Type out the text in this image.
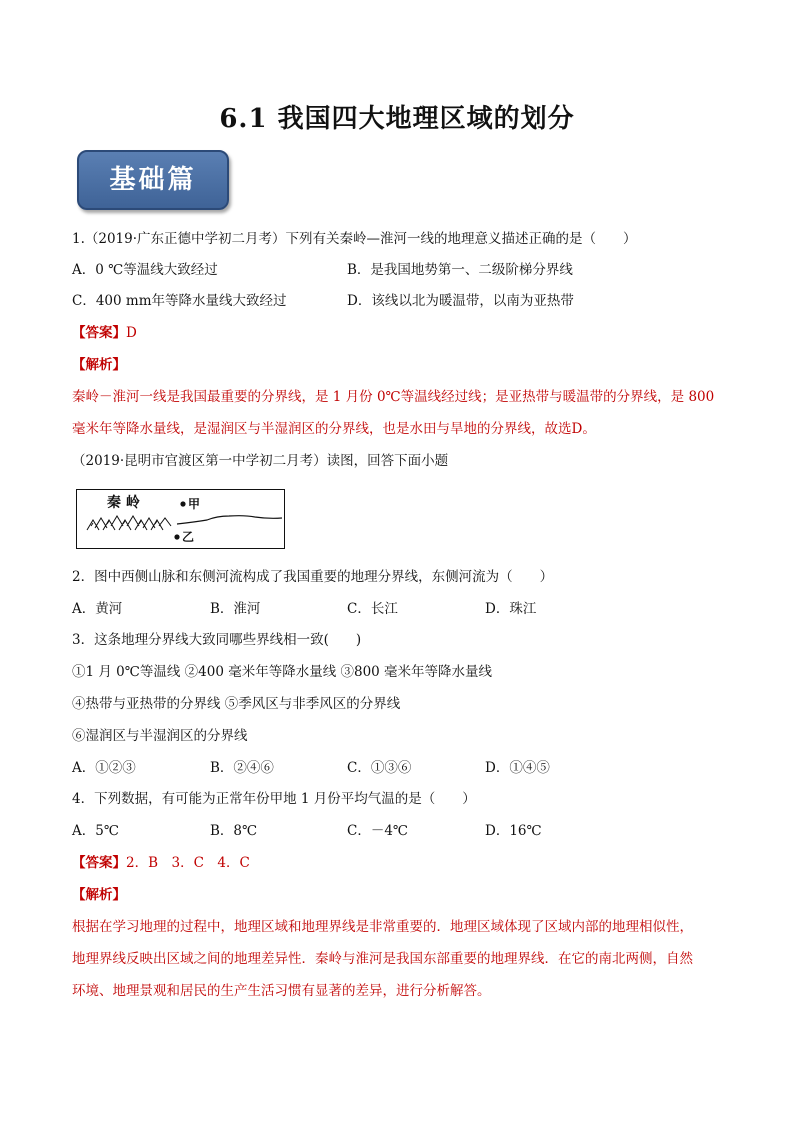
6.1 我国四大地理区域的划分
基础篇
1.（2019·广东正德中学初二月考）下列有关秦岭—淮河一线的地理意义描述正确的是（　　）
A．0 ℃等温线大致经过	B．是我国地势第一、二级阶梯分界线
C．400 mm年等降水量线大致经过	D．该线以北为暖温带，以南为亚热带
【答案】D
【解析】
秦岭－淮河一线是我国最重要的分界线，是 1 月份 0℃等温线经过线；是亚热带与暖温带的分界线，是 800
毫米年等降水量线，是湿润区与半湿润区的分界线，也是水田与旱地的分界线，故选D。
（2019·昆明市官渡区第一中学初二月考）读图，回答下面小题
秦 岭	甲
乙
2．图中西侧山脉和东侧河流构成了我国重要的地理分界线，东侧河流为（　　）
A．黄河	B．淮河	C．长江	D．珠江
3．这条地理分界线大致同哪些界线相一致(　　)
①1 月 0℃等温线 ②400 毫米年等降水量线 ③800 毫米年等降水量线
④热带与亚热带的分界线 ⑤季风区与非季风区的分界线
⑥湿润区与半湿润区的分界线
A．①②③	B．②④⑥	C．①③⑥	D．①④⑤
4．下列数据，有可能为正常年份甲地 1 月份平均气温的是（　　）
A．5℃	B．8℃	C．－4℃	D．16℃
【答案】2．B　3．C　4．C
【解析】
根据在学习地理的过程中，地理区域和地理界线是非常重要的．地理区域体现了区域内部的地理相似性，
地理界线反映出区域之间的地理差异性．秦岭与淮河是我国东部重要的地理界线．在它的南北两侧，自然
环境、地理景观和居民的生产生活习惯有显著的差异，进行分析解答。
